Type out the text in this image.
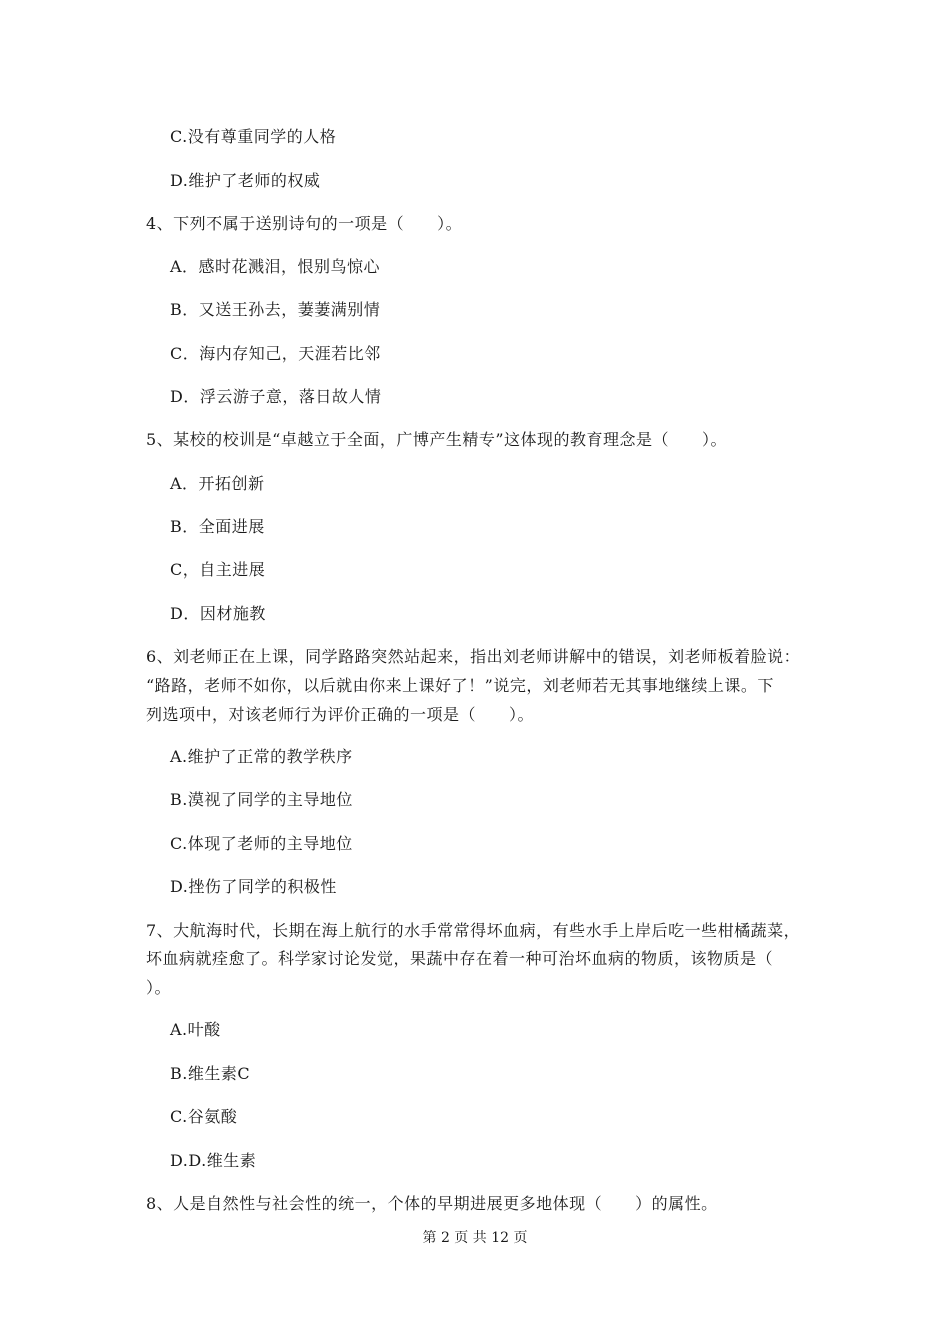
C.没有尊重同学的人格
D.维护了老师的权威
4、下列不属于送别诗句的一项是（　　）。
A．感时花溅泪，恨别鸟惊心
B．又送王孙去，萋萋满别情
C．海内存知己，天涯若比邻
D．浮云游子意，落日故人情
5、某校的校训是“卓越立于全面，广博产生精专”这体现的教育理念是（　　）。
A．开拓创新
B．全面进展
C，自主进展
D．因材施教
6、刘老师正在上课，同学路路突然站起来，指出刘老师讲解中的错误，刘老师板着脸说：
“路路，老师不如你，以后就由你来上课好了！”说完，刘老师若无其事地继续上课。下
列选项中，对该老师行为评价正确的一项是（　　）。
A.维护了正常的教学秩序
B.漠视了同学的主导地位
C.体现了老师的主导地位
D.挫伤了同学的积极性
7、大航海时代，长期在海上航行的水手常常得坏血病，有些水手上岸后吃一些柑橘蔬菜，
坏血病就痊愈了。科学家讨论发觉，果蔬中存在着一种可治坏血病的物质，该物质是（
）。
A.叶酸
B.维生素C
C.谷氨酸
D.D.维生素
8、人是自然性与社会性的统一，个体的早期进展更多地体现（　　）的属性。
第 2 页 共 12 页
